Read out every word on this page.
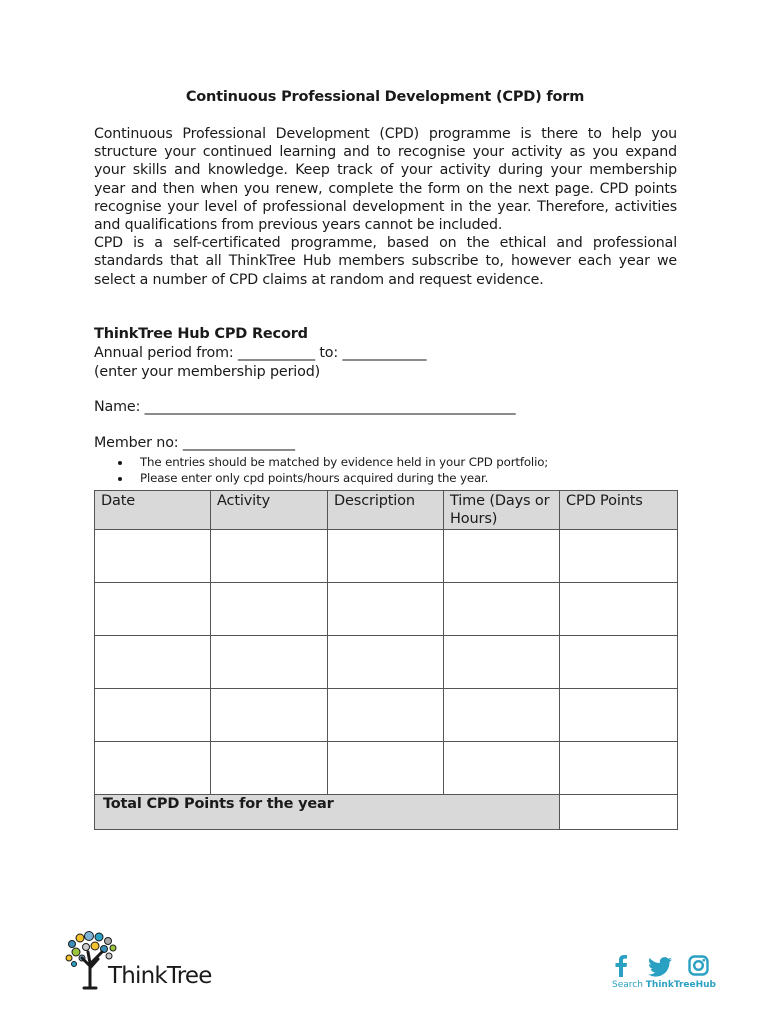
Continuous Professional Development (CPD) form

Continuous Professional Development (CPD) programme is there to help you structure your continued learning and to recognise your activity as you expand your skills and knowledge. Keep track of your activity during your membership year and then when you renew, complete the form on the next page. CPD points recognise your level of professional development in the year. Therefore, activities and qualifications from previous years cannot be included.

CPD is a self-certificated programme, based on the ethical and professional standards that all ThinkTree Hub members subscribe to, however each year we select a number of CPD claims at random and request evidence.

ThinkTree Hub CPD Record
Annual period from: ___________ to: ____________
(enter your membership period)
Name: _____________________________________________________
Member no: ________________
The entries should be matched by evidence held in your CPD portfolio;
Please enter only cpd points/hours acquired during the year.
Date	Activity	Description	Time (Days or Hours)	CPD Points

Total CPD Points for the year				
ThinkTree	Search ThinkTreeHub
